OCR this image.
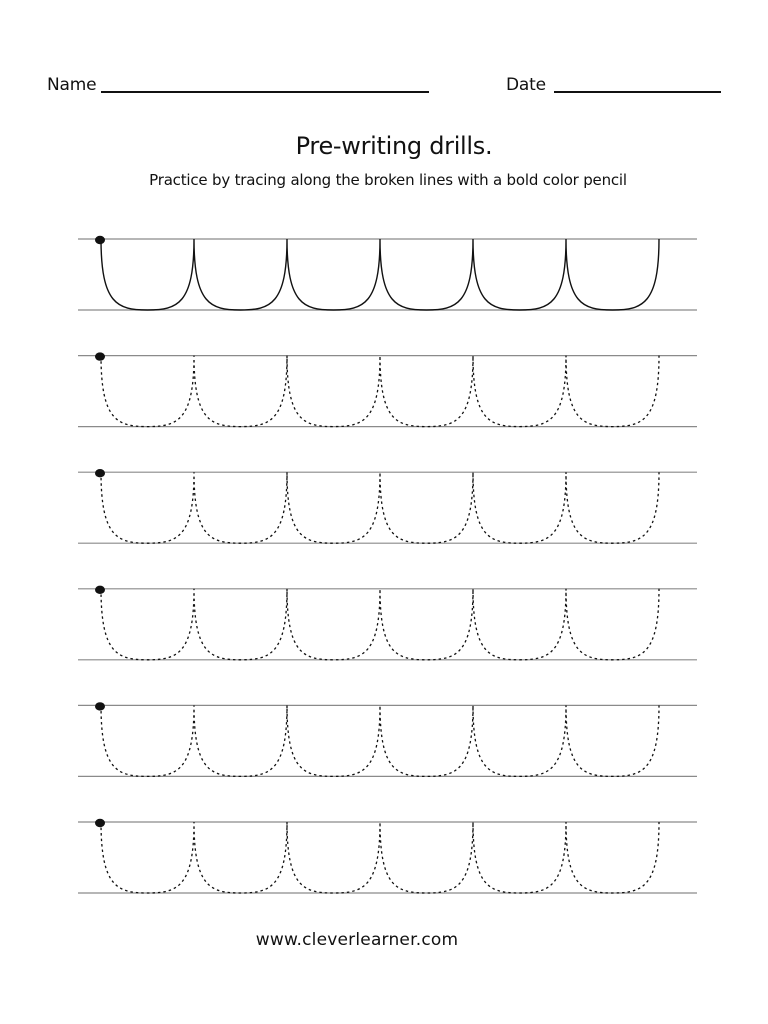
Name	Date
Pre-writing drills.
Practice by tracing along the broken lines with a bold color pencil
www.cleverlearner.com
